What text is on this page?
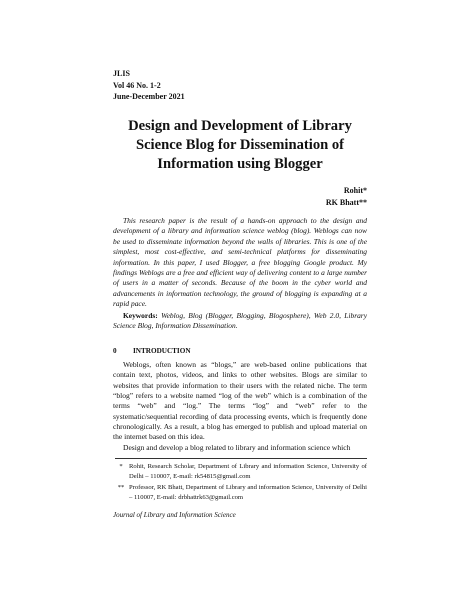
JLIS
Vol 46 No. 1-2
June-December 2021
Design and Development of Library
Science Blog for Dissemination of
Information using Blogger
Rohit*
RK Bhatt**

This research paper is the result of a hands-on approach to the design and development of a library and information science weblog (blog). Weblogs can now be used to disseminate information beyond the walls of libraries. This is one of the simplest, most cost-effective, and semi-technical platforms for disseminating information. In this paper, I used Blogger, a free blogging Google product. My findings Weblogs are a free and efficient way of delivering content to a large number of users in a matter of seconds. Because of the boom in the cyber world and advancements in information technology, the ground of blogging is expanding at a rapid pace.

Keywords: Weblog, Blog (Blogger, Blogging, Blogosphere), Web 2.0, Library Science Blog, Information Dissemination.

0 INTRODUCTION

Weblogs, often known as “blogs,” are web-based online publications that contain text, photos, videos, and links to other websites. Blogs are similar to websites that provide information to their users with the related niche. The term “blog” refers to a website named “log of the web” which is a combination of the terms “web” and “log.” The terms “log” and “web” refer to the systematic/sequential recording of data processing events, which is frequently done chronologically. As a result, a blog has emerged to publish and upload material on the internet based on this idea.

Design and develop a blog related to library and information science which

* Rohit, Research Scholar, Department of Library and information Science, University of Delhi – 110007, E-mail: rk54815@gmail.com
** Professor, RK Bhatt, Department of Library and information Science, University of Delhi – 110007, E-mail: drbhattrk63@gmail.com
Journal of Library and Information Science
